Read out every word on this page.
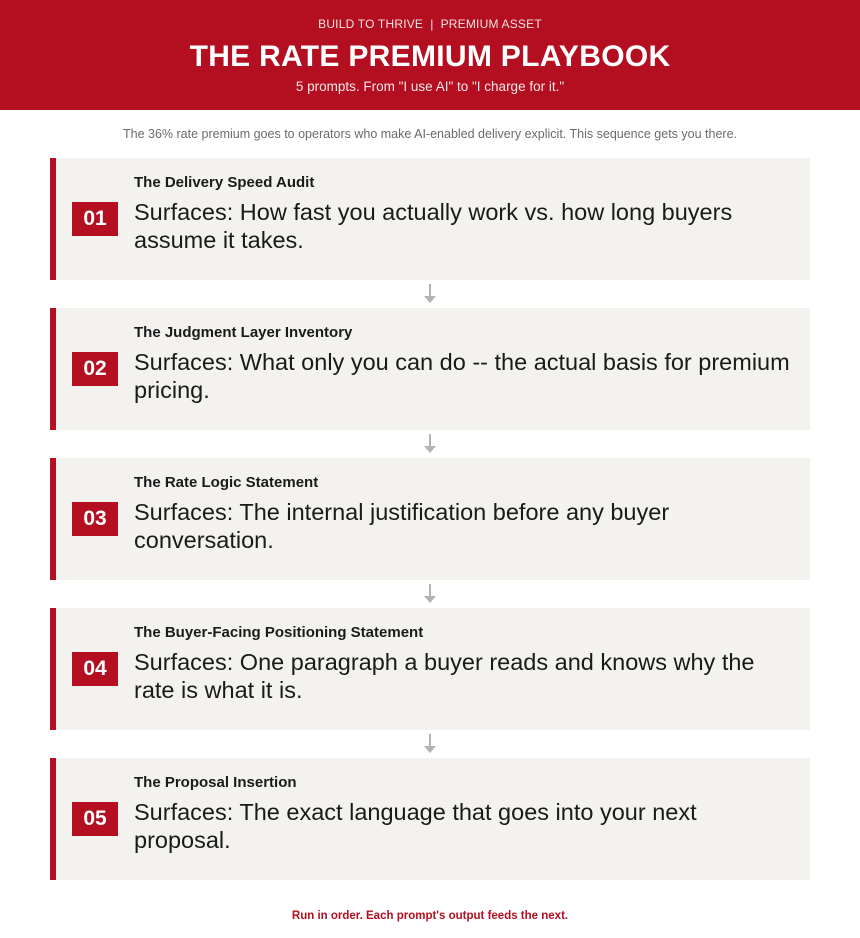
BUILD TO THRIVE  |  PREMIUM ASSET
THE RATE PREMIUM PLAYBOOK
5 prompts. From "I use AI" to "I charge for it."
The 36% rate premium goes to operators who make AI-enabled delivery explicit. This sequence gets you there.
01
The Delivery Speed Audit
Surfaces: How fast you actually work vs. how long buyers assume it takes.
02
The Judgment Layer Inventory
Surfaces: What only you can do -- the actual basis for premium pricing.
03
The Rate Logic Statement
Surfaces: The internal justification before any buyer conversation.
04
The Buyer-Facing Positioning Statement
Surfaces: One paragraph a buyer reads and knows why the rate is what it is.
05
The Proposal Insertion
Surfaces: The exact language that goes into your next proposal.
Run in order. Each prompt's output feeds the next.
